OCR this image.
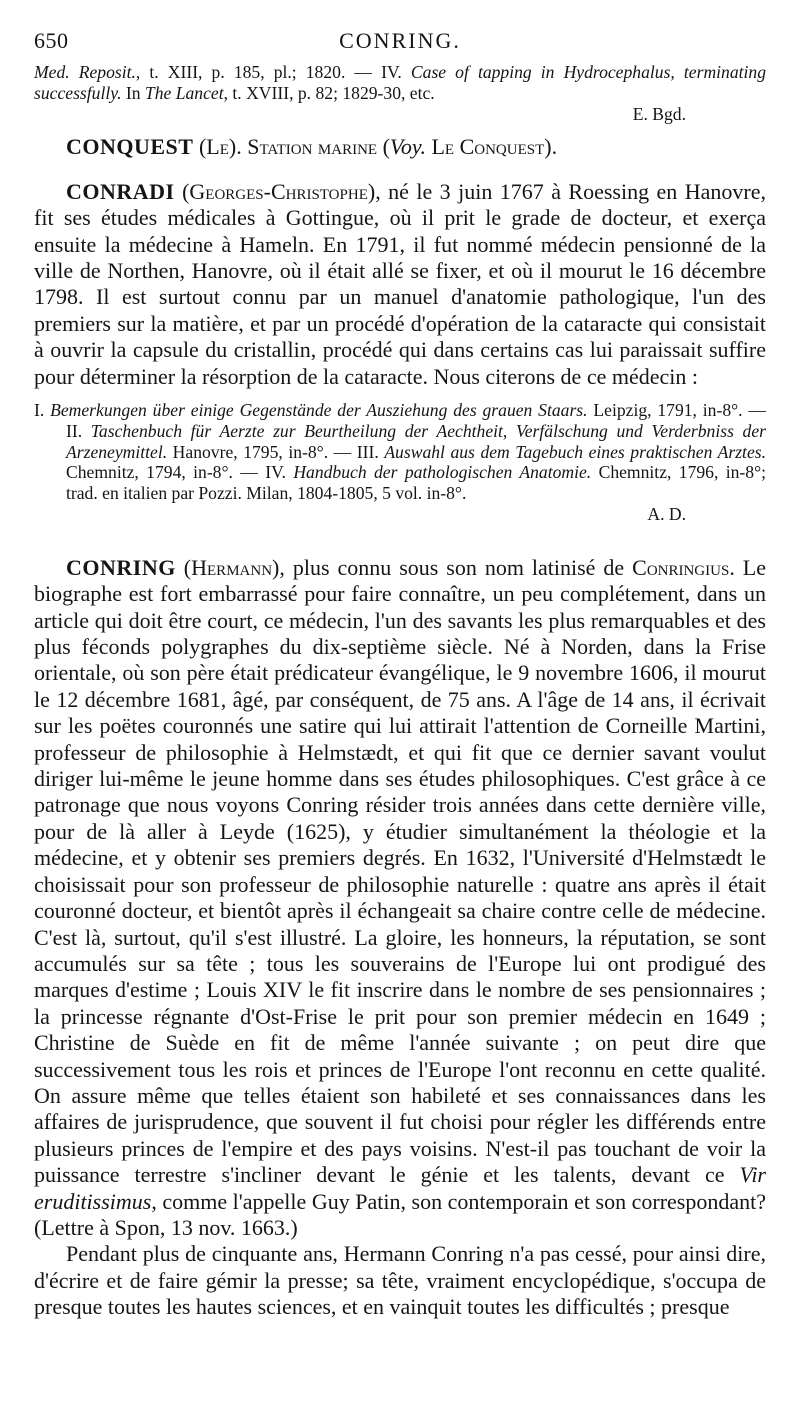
650	CONRING.

Med. Reposit., t. XIII, p. 185, pl.; 1820. — IV. Case of tapping in Hydrocephalus, terminating successfully. In The Lancet, t. XVIII, p. 82; 1829-30, etc.

E. Bgd.

CONQUEST (Le). Station marine (Voy. Le Conquest).

CONRADI (Georges-Christophe), né le 3 juin 1767 à Roessing en Hanovre, fit ses études médicales à Gottingue, où il prit le grade de docteur, et exerça ensuite la médecine à Hameln. En 1791, il fut nommé médecin pensionné de la ville de Northen, Hanovre, où il était allé se fixer, et où il mourut le 16 décembre 1798. Il est surtout connu par un manuel d'anatomie pathologique, l'un des premiers sur la matière, et par un procédé d'opération de la cataracte qui consistait à ouvrir la capsule du cristallin, procédé qui dans certains cas lui paraissait suffire pour déterminer la résorption de la cataracte. Nous citerons de ce médecin :

I. Bemerkungen über einige Gegenstände der Ausziehung des grauen Staars. Leipzig, 1791, in-8°. — II. Taschenbuch für Aerzte zur Beurtheilung der Aechtheit, Verfälschung und Verderbniss der Arzeneymittel. Hanovre, 1795, in-8°. — III. Auswahl aus dem Tagebuch eines praktischen Arztes. Chemnitz, 1794, in-8°. — IV. Handbuch der pathologischen Anatomie. Chemnitz, 1796, in-8°; trad. en italien par Pozzi. Milan, 1804-1805, 5 vol. in-8°.

A. D.

CONRING (Hermann), plus connu sous son nom latinisé de Conringius. Le biographe est fort embarrassé pour faire connaître, un peu complétement, dans un article qui doit être court, ce médecin, l'un des savants les plus remarquables et des plus féconds polygraphes du dix-septième siècle. Né à Norden, dans la Frise orientale, où son père était prédicateur évangélique, le 9 novembre 1606, il mourut le 12 décembre 1681, âgé, par conséquent, de 75 ans. A l'âge de 14 ans, il écrivait sur les poëtes couronnés une satire qui lui attirait l'attention de Corneille Martini, professeur de philosophie à Helmstædt, et qui fit que ce dernier savant voulut diriger lui-même le jeune homme dans ses études philosophiques. C'est grâce à ce patronage que nous voyons Conring résider trois années dans cette dernière ville, pour de là aller à Leyde (1625), y étudier simultanément la théologie et la médecine, et y obtenir ses premiers degrés. En 1632, l'Université d'Helmstædt le choisissait pour son professeur de philosophie naturelle : quatre ans après il était couronné docteur, et bientôt après il échangeait sa chaire contre celle de médecine. C'est là, surtout, qu'il s'est illustré. La gloire, les honneurs, la réputation, se sont accumulés sur sa tête ; tous les souverains de l'Europe lui ont prodigué des marques d'estime ; Louis XIV le fit inscrire dans le nombre de ses pensionnaires ; la princesse régnante d'Ost-Frise le prit pour son premier médecin en 1649 ; Christine de Suède en fit de même l'année suivante ; on peut dire que successivement tous les rois et princes de l'Europe l'ont reconnu en cette qualité. On assure même que telles étaient son habileté et ses connaissances dans les affaires de jurisprudence, que souvent il fut choisi pour régler les différends entre plusieurs princes de l'empire et des pays voisins. N'est-il pas touchant de voir la puissance terrestre s'incliner devant le génie et les talents, devant ce Vir eruditissimus, comme l'appelle Guy Patin, son contemporain et son correspondant? (Lettre à Spon, 13 nov. 1663.)

Pendant plus de cinquante ans, Hermann Conring n'a pas cessé, pour ainsi dire, d'écrire et de faire gémir la presse; sa tête, vraiment encyclopédique, s'occupa de presque toutes les hautes sciences, et en vainquit toutes les difficultés ; presque
